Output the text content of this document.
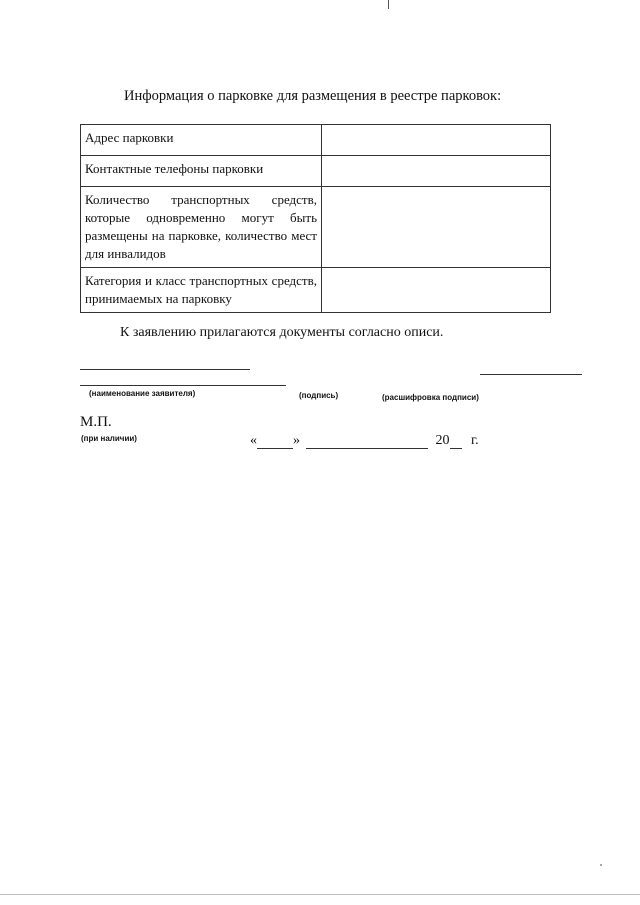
Информация о парковке для размещения в реестре парковок:
Адрес парковки	

Контактные телефоны парковки	

Количество транспортных средств, которые одновременно могут быть размещены на парковке, количество мест для инвалидов	

Категория и класс транспортных средств, принимаемых на парковку	

К заявлению прилагаются документы согласно описи.
(наименование заявителя)	(подпись)	(расшифровка подписи)
М.П.
(при наличии)	«	»	20 г.
